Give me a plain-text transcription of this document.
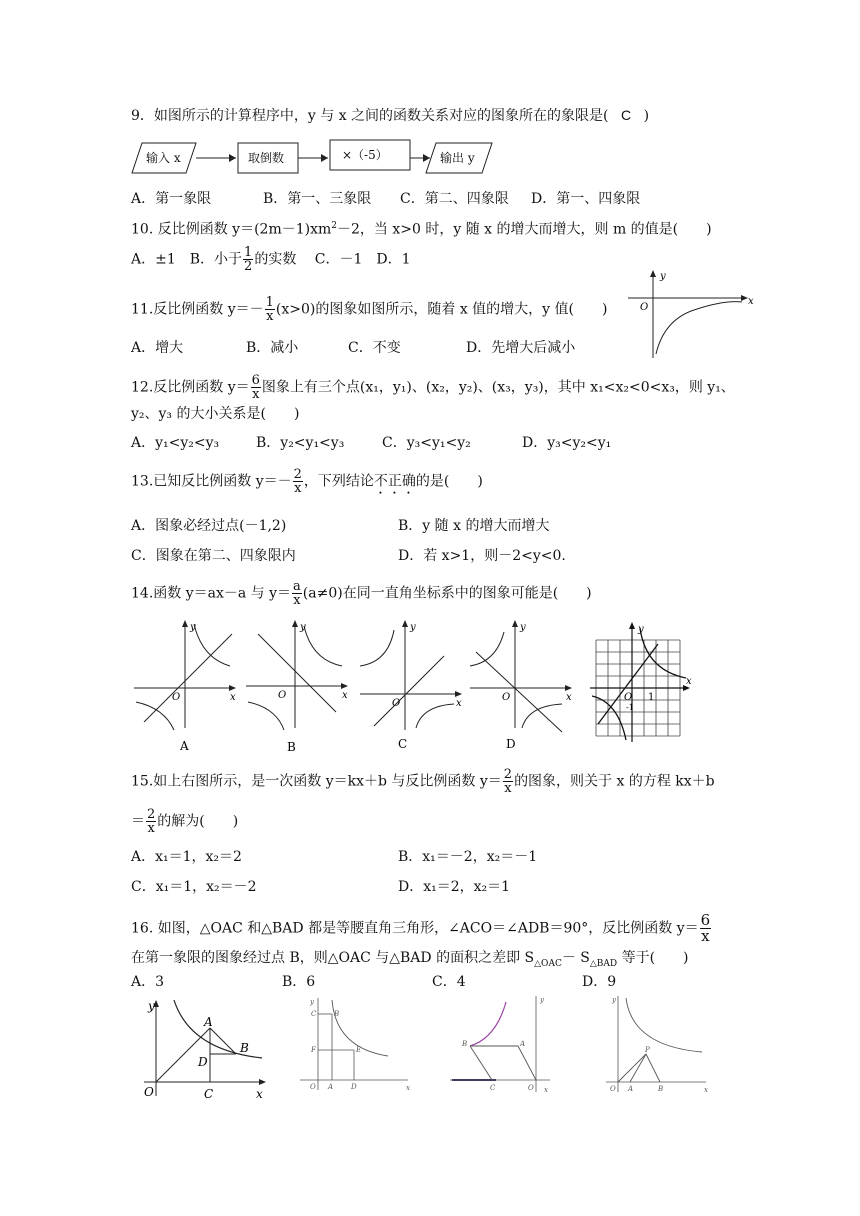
9．如图所示的计算程序中，y 与 x 之间的函数关系对应的图象所在的象限是( C )
输入 x	取倒数	×（-5）	输出 y
A．第一象限	B．第一、三象限 C．第二、四象限 D．第一、四象限
10. 反比例函数 $y=(2m-1)xm^2-2$，当 x>0 时，y 随 x 的增大而增大，则 m 的值是(　　)
A．±1　B．小于 $\frac{1}{2}$ 的实数　 C．－1　D．1
11.反比例函数 $y=- \frac{1}{x} (x>0)$的图象如图所示，随着 x 值的增大，y 值(　　)
A．增大	B．减小	C．不变	D．先增大后减小
y
x
O
12.反比例函数 $y= \frac{6}{x}$ 图象上有三个点(x₁，y₁)、(x₂，y₂)、(x₃，y₃)，其中 x₁<x₂<0<x₃，则 y₁、
y₂、y₃ 的大小关系是(　　)
A．y₁<y₂<y₃	B．y₂<y₁<y₃	C．y₃<y₁<y₂	D．y₃<y₂<y₁
13.已知反比例函数 $y=- \frac{2}{x}$ ，下列结论不正确的是(　　)
A．图象必经过点(－1,2)	B．y 随 x 的增大而增大
C．图象在第二、四象限内	D．若 x>1，则－2<y<0.
14.函数 y＝ax－a 与 $y= \frac{a}{x} (a\ne 0)$在同一直角坐标系中的图象可能是(　　)
y
x
O
A
y
x
O
B
y
x
O
C
y
x
O
D
y
x
O 1
-1
15.如上右图所示，是一次函数 y＝kx＋b 与反比例函数 $y= \frac{2}{x}$ 的图象，则关于 x 的方程 kx＋b
＝ $\frac{2}{x}$ 的解为(　　)
A．x₁＝1，x₂＝2	B．x₁＝－2，x₂＝－1
C．x₁＝1，x₂＝－2	D．x₁＝2，x₂＝1
16. 如图，△OAC 和△BAD 都是等腰直角三角形，∠ACO＝∠ADB＝90°，反比例函数 $y= \frac{6}{x}$
在第一象限的图象经过点 B，则△OAC 与△BAD 的面积之差即 $S_{\triangle OAC}- S_{\triangle BAD}$ 等于(　　)
A．3	B．6	C．4	D．9
y
x
O
A
B
C
D
y
x
O A
B
C
D
E
F
x
y
O
A
B
C
y
x
O A	B
P
